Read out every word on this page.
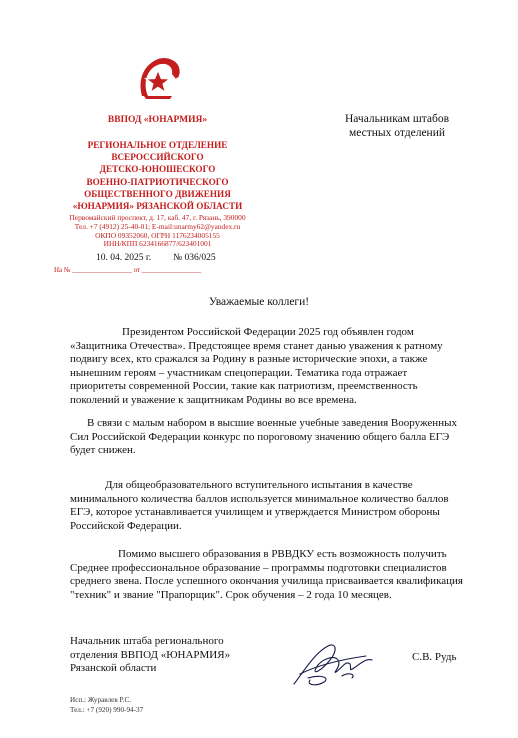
ВВПОД «ЮНАРМИЯ»
РЕГИОНАЛЬНОЕ ОТДЕЛЕНИЕ
ВСЕРОССИЙСКОГО
ДЕТСКО-ЮНОШЕСКОГО
ВОЕННО-ПАТРИОТИЧЕСКОГО
ОБЩЕСТВЕННОГО ДВИЖЕНИЯ
«ЮНАРМИЯ» РЯЗАНСКОЙ ОБЛАСТИ
Первомайский проспект, д. 17, каб. 47, г. Рязань, 390000
Тел. +7 (4912) 25-40-01; E-mail:unarmy62@yandex.ru
ОКПО 09352060, ОГРН 1176234005155
ИНН/КПП 6234166877/623401001
10. 04. 2025 г. № 036/025
На № _________________ от _________________
Начальникам штабов
местных отделений
Уважаемые коллеги!

Президентом Российской Федерации 2025 год объявлен годом «Защитника Отечества». Предстоящее время станет данью уважения к ратному подвигу всех, кто сражался за Родину в разные исторические эпохи, а также нынешним героям – участникам спецоперации. Тематика года отражает приоритеты современной России, такие как патриотизм, преемственность поколений и уважение к защитникам Родины во все времена.

В связи с малым набором в высшие военные учебные заведения Вооруженных Сил Российской Федерации конкурс по пороговому значению общего балла ЕГЭ будет снижен.

Для общеобразовательного вступительного испытания в качестве минимального количества баллов используется минимальное количество баллов ЕГЭ, которое устанавливается училищем и утверждается Министром обороны Российской Федерации.

Помимо высшего образования в РВВДКУ есть возможность получить Среднее профессиональное образование – программы подготовки специалистов среднего звена. После успешного окончания училища присваивается квалификация "техник" и звание "Прапорщик". Срок обучения – 2 года 10 месяцев.

Начальник штаба регионального
отделения ВВПОД «ЮНАРМИЯ»
Рязанской области
С.В. Рудь
Исп.: Журавлев Р.С.
Тел.: +7 (920) 990-94-37
